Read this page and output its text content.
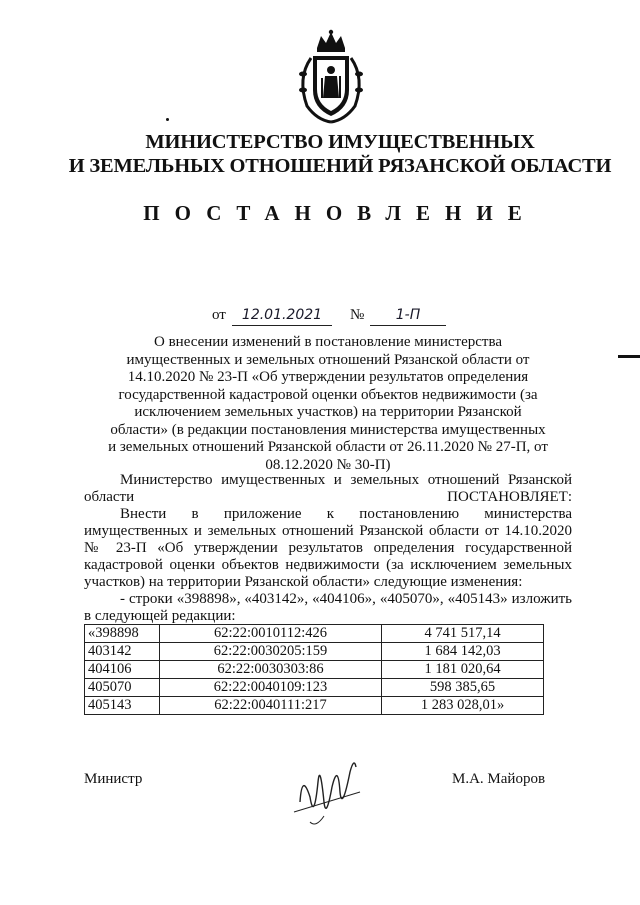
МИНИСТЕРСТВО ИМУЩЕСТВЕННЫХ
И ЗЕМЕЛЬНЫХ ОТНОШЕНИЙ РЯЗАНСКОЙ ОБЛАСТИ
ПОСТАНОВЛЕНИЕ
от	12.01.2021	№	1-П
О внесении изменений в постановление министерства имущественных и земельных отношений Рязанской области от 14.10.2020 № 23-П «Об утверждении результатов определения государственной кадастровой оценки объектов недвижимости (за исключением земельных участков) на территории Рязанской области» (в редакции постановления министерства имущественных и земельных отношений Рязанской области от 26.11.2020 № 27-П, от 08.12.2020 № 30-П)

Министерство имущественных и земельных отношений Рязанской области ПОСТАНОВЛЯЕТ:

Внести в приложение к постановлению министерства имущественных и земельных отношений Рязанской области от 14.10.2020 № 23-П «Об утверждении результатов определения государственной кадастровой оценки объектов недвижимости (за исключением земельных участков) на территории Рязанской области» следующие изменения:

- строки «398898», «403142», «404106», «405070», «405143» изложить в следующей редакции:

«398898	62:22:0010112:426	4 741 517,14
403142	62:22:0030205:159	1 684 142,03
404106	62:22:0030303:86	1 181 020,64
405070	62:22:0040109:123	598 385,65
405143	62:22:0040111:217	1 283 028,01»
Министр	М.А. Майоров
